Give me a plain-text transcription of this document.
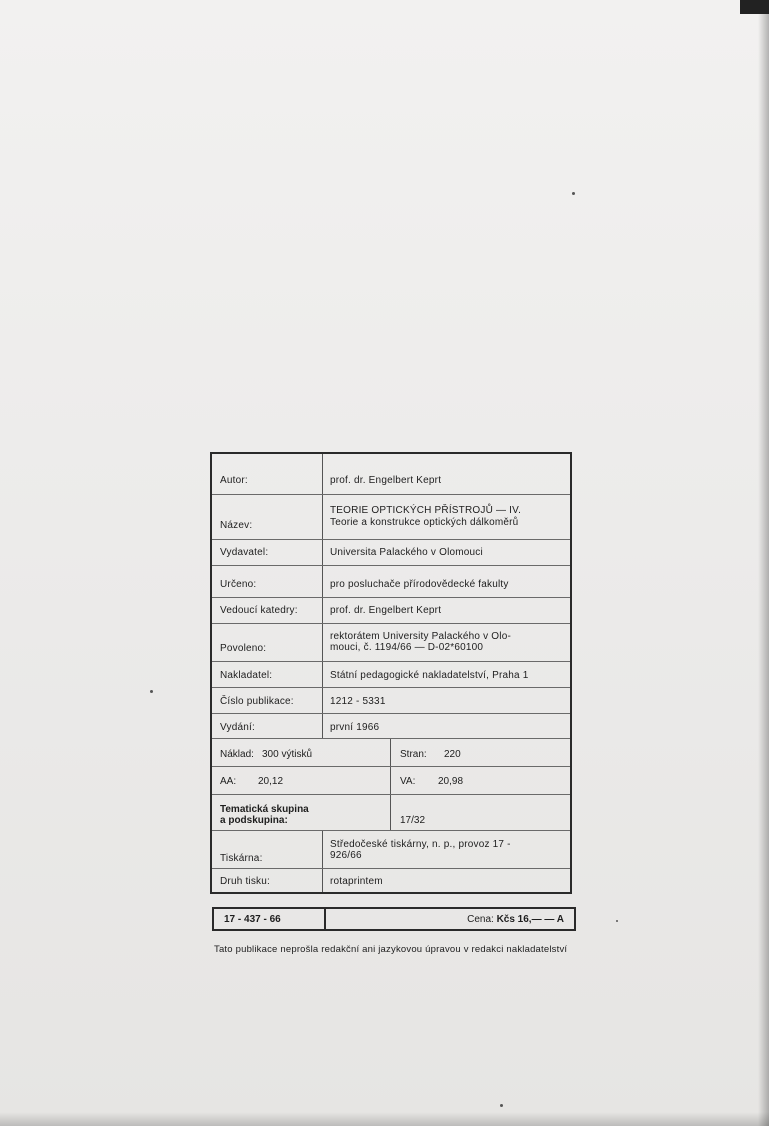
Autor:	prof. dr. Engelbert Keprt
Název:
TEORIE OPTICKÝCH PŘÍSTROJŮ — IV.
Teorie a konstrukce optických dálkoměrů
Vydavatel:	Universita Palackého v Olomouci
Určeno:	pro posluchače přírodovědecké fakulty
Vedoucí katedry:	prof. dr. Engelbert Keprt
Povoleno:
rektorátem University Palackého v Olo-
mouci, č. 1194/66 — D-02*60100
Nakladatel:	Státní pedagogické nakladatelství, Praha 1
Číslo publikace:	1212 - 5331
Vydání:	první 1966
Náklad: 300 výtisků	Stran: 220
AA: 20,12	VA: 20,98
Tematická skupina
a podskupina:	17/32
Tiskárna:
Středočeské tiskárny, n. p., provoz 17 -
926/66
Druh tisku:	rotaprintem
17 - 437 - 66	Cena: Kčs 16,— — A
Tato publikace neprošla redakční ani jazykovou úpravou v redakci nakladatelství
